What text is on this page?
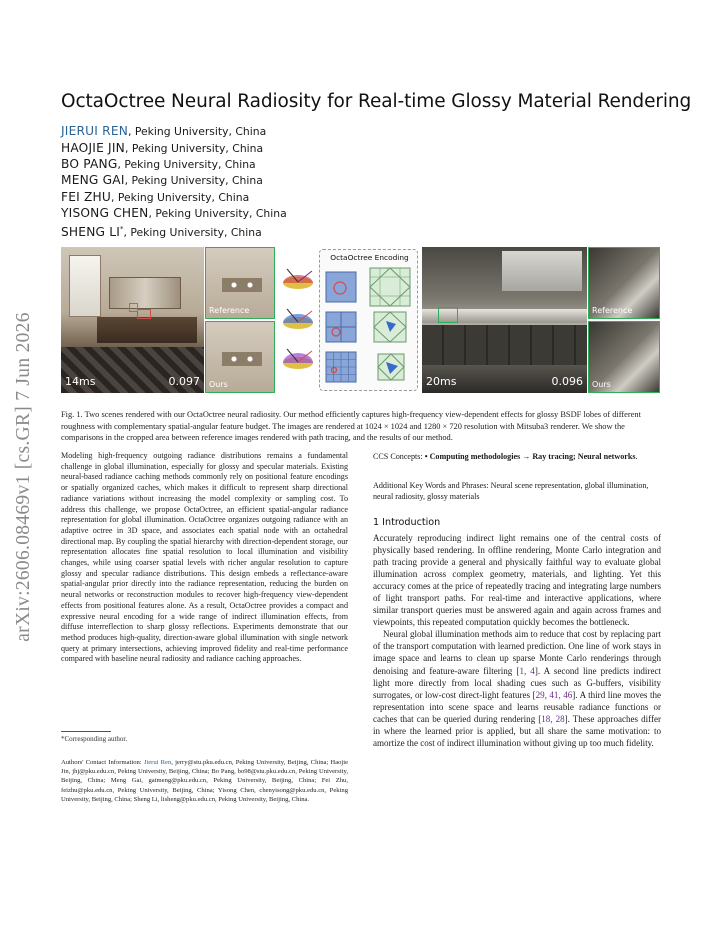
arXiv:2606.08469v1 [cs.GR] 7 Jun 2026
OctaOctree Neural Radiosity for Real-time Glossy Material Rendering
JIERUI REN, Peking University, China
HAOJIE JIN, Peking University, China
BO PANG, Peking University, China
MENG GAI, Peking University, China
FEI ZHU, Peking University, China
YISONG CHEN, Peking University, China
SHENG LI*, Peking University, China
14ms	0.097
Reference
Ours
OctaOctree Encoding
20ms	0.096
Reference
Ours
Fig. 1. Two scenes rendered with our OctaOctree neural radiosity. Our method efficiently captures high-frequency view-dependent effects for glossy BSDF lobes of different roughness with complementary spatial-angular feature budget. The images are rendered at 1024 × 1024 and 1280 × 720 resolution with Mitsuba3 renderer. We show the comparisons in the cropped area between reference images rendered with path tracing, and the results of our method.
Modeling high-frequency outgoing radiance distributions remains a fundamental challenge in global illumination, especially for glossy and specular materials. Existing neural-based radiance caching methods commonly rely on positional feature encodings or spatially organized caches, which makes it difficult to represent sharp directional radiance variations without increasing the model complexity or sampling cost. To address this challenge, we propose OctaOctree, an efficient spatial-angular radiance representation for global illumination. OctaOctree organizes outgoing radiance with an adaptive octree in 3D space, and associates each spatial node with an octahedral directional map. By coupling the spatial hierarchy with direction-dependent storage, our representation allocates fine spatial resolution to local illumination and visibility changes, while using coarser spatial levels with richer angular resolution to capture glossy and specular radiance distributions. This design embeds a reflectance-aware spatial-angular prior directly into the radiance representation, reducing the burden on neural networks or reconstruction modules to recover high-frequency view-dependent effects from positional features alone. As a result, OctaOctree provides a compact and expressive neural encoding for a wide range of indirect illumination effects, from diffuse interreflection to sharp glossy reflections. Experiments demonstrate that our method produces high-quality, direction-aware global illumination with single network query at primary intersections, achieving improved fidelity and real-time performance compared with baseline neural radiosity and radiance caching approaches.
*Corresponding author.
Authors' Contact Information: Jierui Ren, jerry@stu.pku.edu.cn, Peking University, Beijing, China; Haojie Jin, jhj@pku.edu.cn, Peking University, Beijing, China; Bo Pang, bo98@stu.pku.edu.cn, Peking University, Beijing, China; Meng Gai, gaimeng@pku.edu.cn, Peking University, Beijing, China; Fei Zhu, feizhu@pku.edu.cn, Peking University, Beijing, China; Yisong Chen, chenyisong@pku.edu.cn, Peking University, Beijing, China; Sheng Li, lisheng@pku.edu.cn, Peking University, Beijing, China.
CCS Concepts: • Computing methodologies → Ray tracing; Neural networks.
Additional Key Words and Phrases: Neural scene representation, global illumination, neural radiosity, glossy materials
1 Introduction

Accurately reproducing indirect light remains one of the central costs of physically based rendering. In offline rendering, Monte Carlo integration and path tracing provide a general and physically faithful way to evaluate global illumination across complex geometry, materials, and lighting. Yet this accuracy comes at the price of repeatedly tracing and integrating large numbers of light transport paths. For real-time and interactive applications, where similar transport queries must be answered again and again across frames and viewpoints, this repeated computation quickly becomes the bottleneck.

Neural global illumination methods aim to reduce that cost by replacing part of the transport computation with learned prediction. One line of work stays in image space and learns to clean up sparse Monte Carlo renderings through denoising and feature-aware filtering [1, 4]. A second line predicts indirect light more directly from local shading cues such as G-buffers, visibility surrogates, or low-cost direct-light features [29, 41, 46]. A third line moves the representation into scene space and learns reusable radiance functions or caches that can be queried during rendering [18, 28]. These approaches differ in where the learned prior is applied, but all share the same motivation: to amortize the cost of indirect illumination without giving up too much fidelity.
